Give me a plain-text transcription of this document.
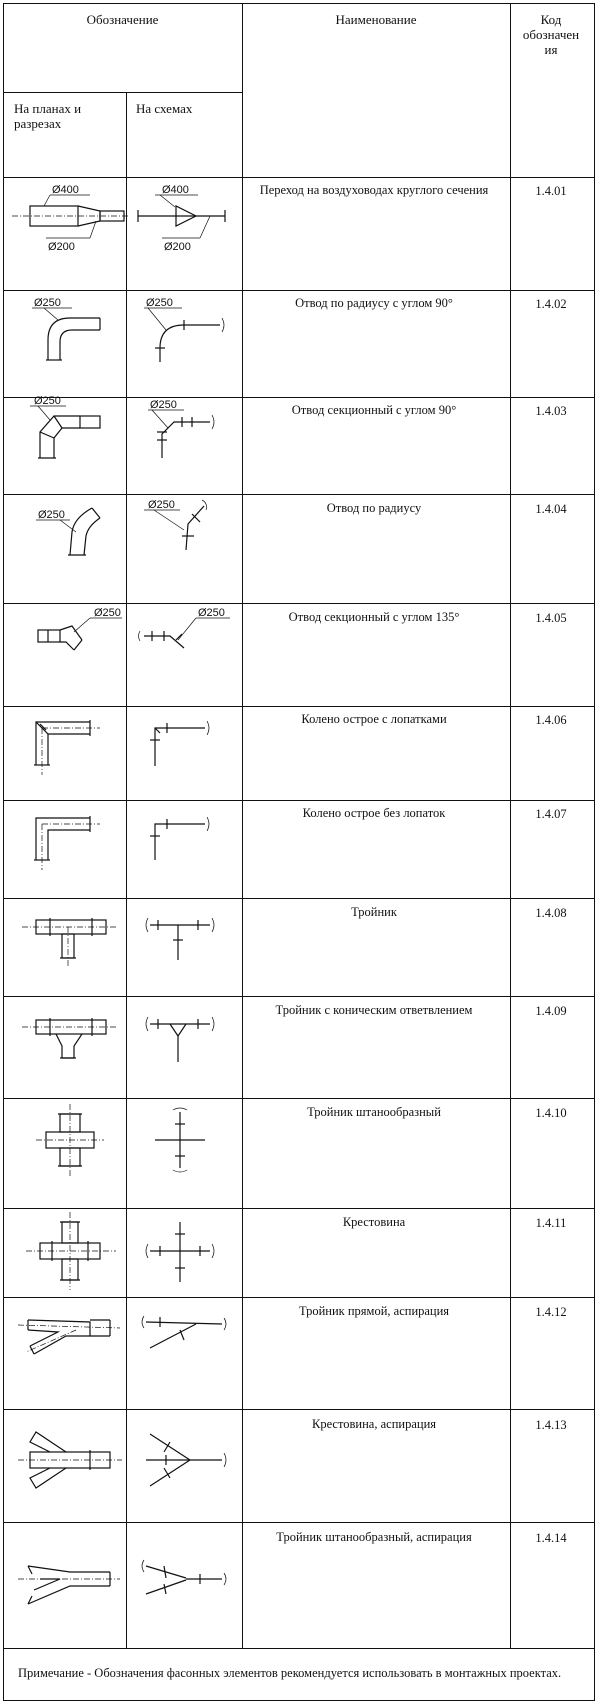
Ø400
Ø200
Ø400
Ø200
Ø250	Ø250
Ø250	Ø250
Ø250
Ø250
Ø250	Ø250
Обозначение	Наименование	Код обозначен ия
На планах и разрезах
На схемах
Переход на воздуховодах круглого сечения	1.4.01
Отвод по радиусу с углом 90°	1.4.02
Отвод секционный с углом 90°	1.4.03
Отвод по радиусу	1.4.04
Отвод секционный с углом 135°	1.4.05
Колено острое с лопатками	1.4.06
Колено острое без лопаток	1.4.07
Тройник	1.4.08
Тройник с коническим ответвлением	1.4.09
Тройник штанообразный	1.4.10
Крестовина	1.4.11
Тройник прямой, аспирация	1.4.12
Крестовина, аспирация	1.4.13
Тройник штанообразный, аспирация	1.4.14
Примечание - Обозначения фасонных элементов рекомендуется использовать в монтажных проектах.
